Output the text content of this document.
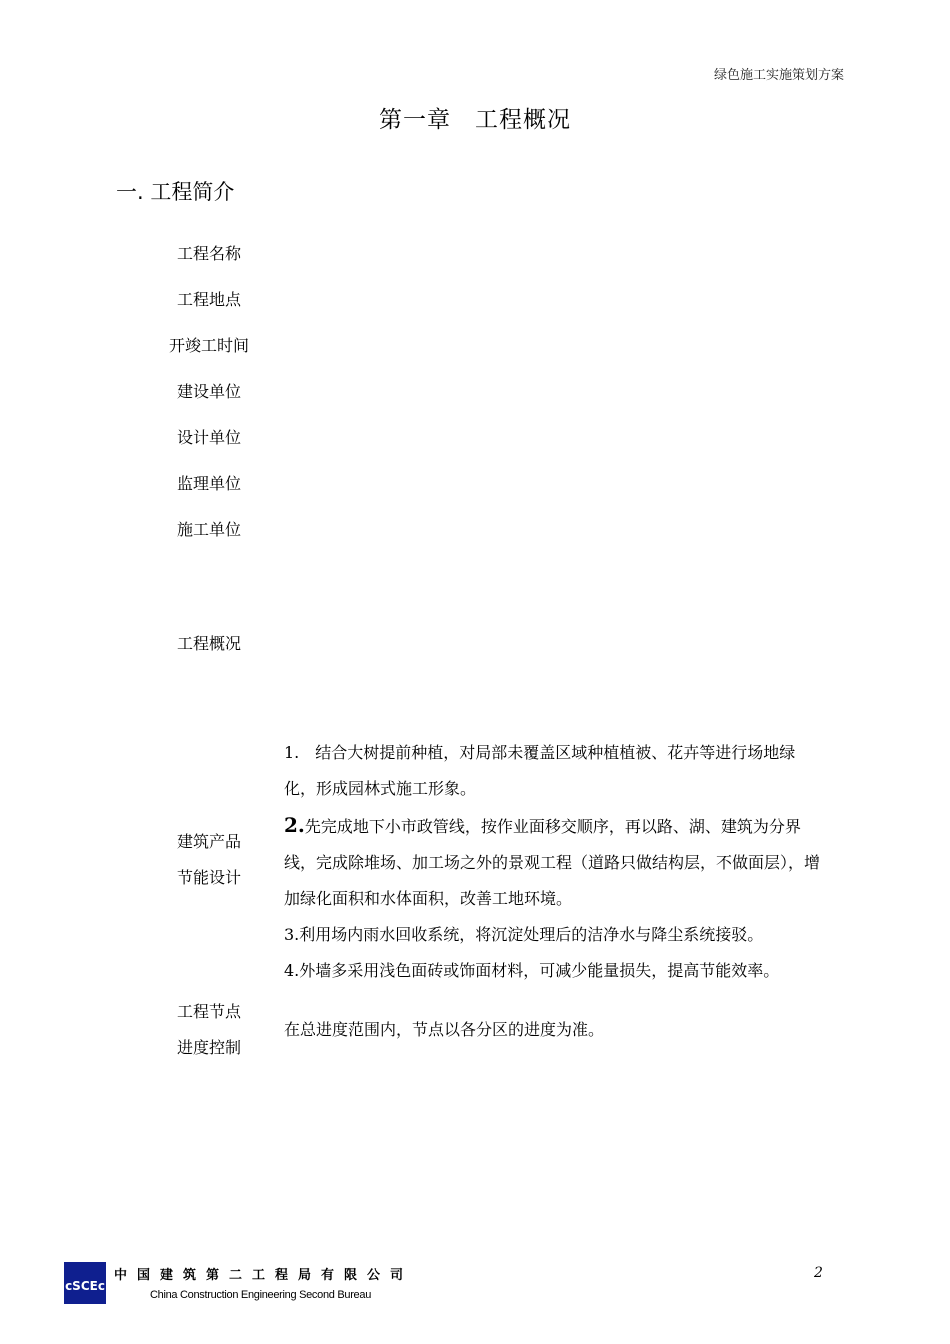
绿色施工实施策划方案
第一章　工程概况
一. 工程简介
工程名称
工程地点
开竣工时间
建设单位
设计单位
监理单位
施工单位
工程概况
建筑产品
节能设计

1.　结合大树提前种植，对局部未覆盖区域种植植被、花卉等进行场地绿化，形成园林式施工形象。

2.先完成地下小市政管线，按作业面移交顺序，再以路、湖、建筑为分界线，完成除堆场、加工场之外的景观工程（道路只做结构层，不做面层），增加绿化面积和水体面积，改善工地环境。

3.利用场内雨水回收系统，将沉淀处理后的洁净水与降尘系统接驳。

4.外墙多采用浅色面砖或饰面材料，可减少能量损失，提高节能效率。

工程节点
进度控制
在总进度范围内，节点以各分区的进度为准。
cSCEc
中国建筑第二工程局有限公司
China Construction Engineering Second Bureau
2
